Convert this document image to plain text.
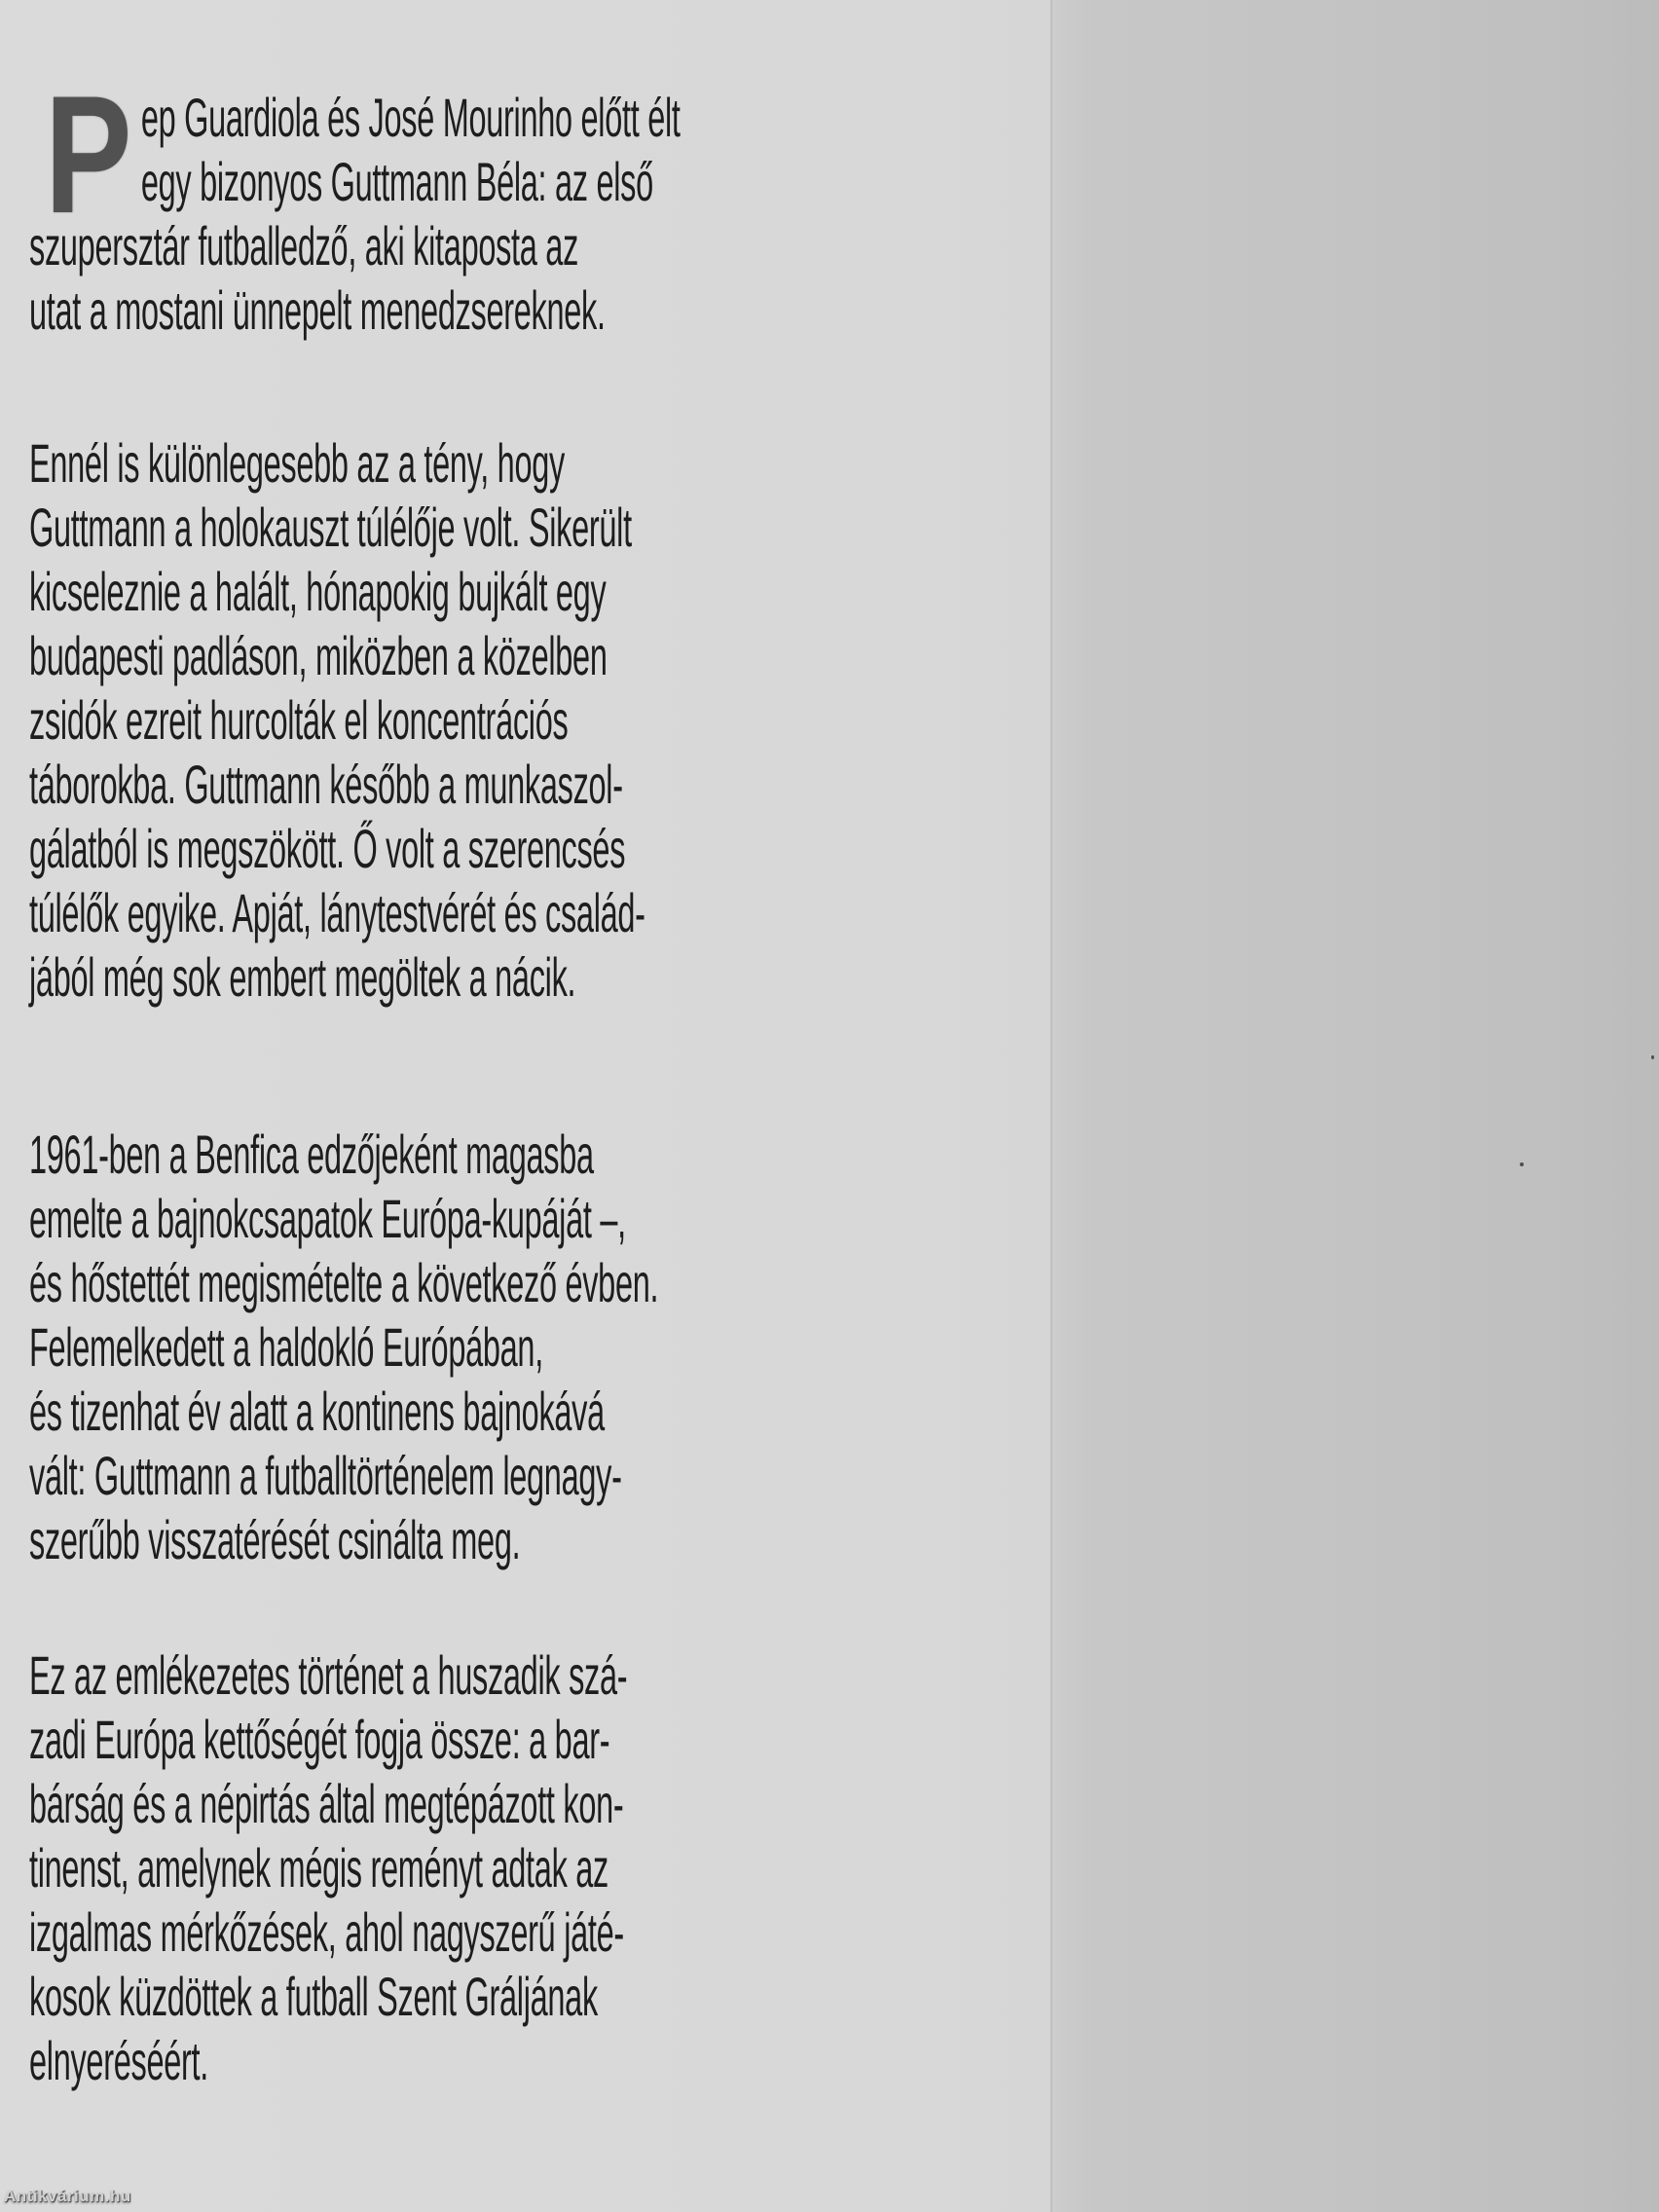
P ep Guardiola és José Mourinho előtt élt
egy bizonyos Guttmann Béla: az első
szupersztár futballedző, aki kitaposta az
utat a mostani ünnepelt menedzsereknek.
Ennél is különlegesebb az a tény, hogy
Guttmann a holokauszt túlélője volt. Sikerült
kicseleznie a halált, hónapokig bujkált egy
budapesti padláson, miközben a közelben
zsidók ezreit hurcolták el koncentrációs
táborokba. Guttmann később a munkaszol-
gálatból is megszökött. Ő volt a szerencsés
túlélők egyike. Apját, lánytestvérét és család-
jából még sok embert megöltek a nácik.
1961-ben a Benfica edzőjeként magasba
emelte a bajnokcsapatok Európa-kupáját –,
és hőstettét megismételte a következő évben.
Felemelkedett a haldokló Európában,
és tizenhat év alatt a kontinens bajnokává
vált: Guttmann a futballtörténelem legnagy-
szerűbb visszatérését csinálta meg.
Ez az emlékezetes történet a huszadik szá-
zadi Európa kettőségét fogja össze: a bar-
bárság és a népirtás által megtépázott kon-
tinenst, amelynek mégis reményt adtak az
izgalmas mérkőzések, ahol nagyszerű játé-
kosok küzdöttek a futball Szent Gráljának
elnyeréséért.
Antikvárium.hu
